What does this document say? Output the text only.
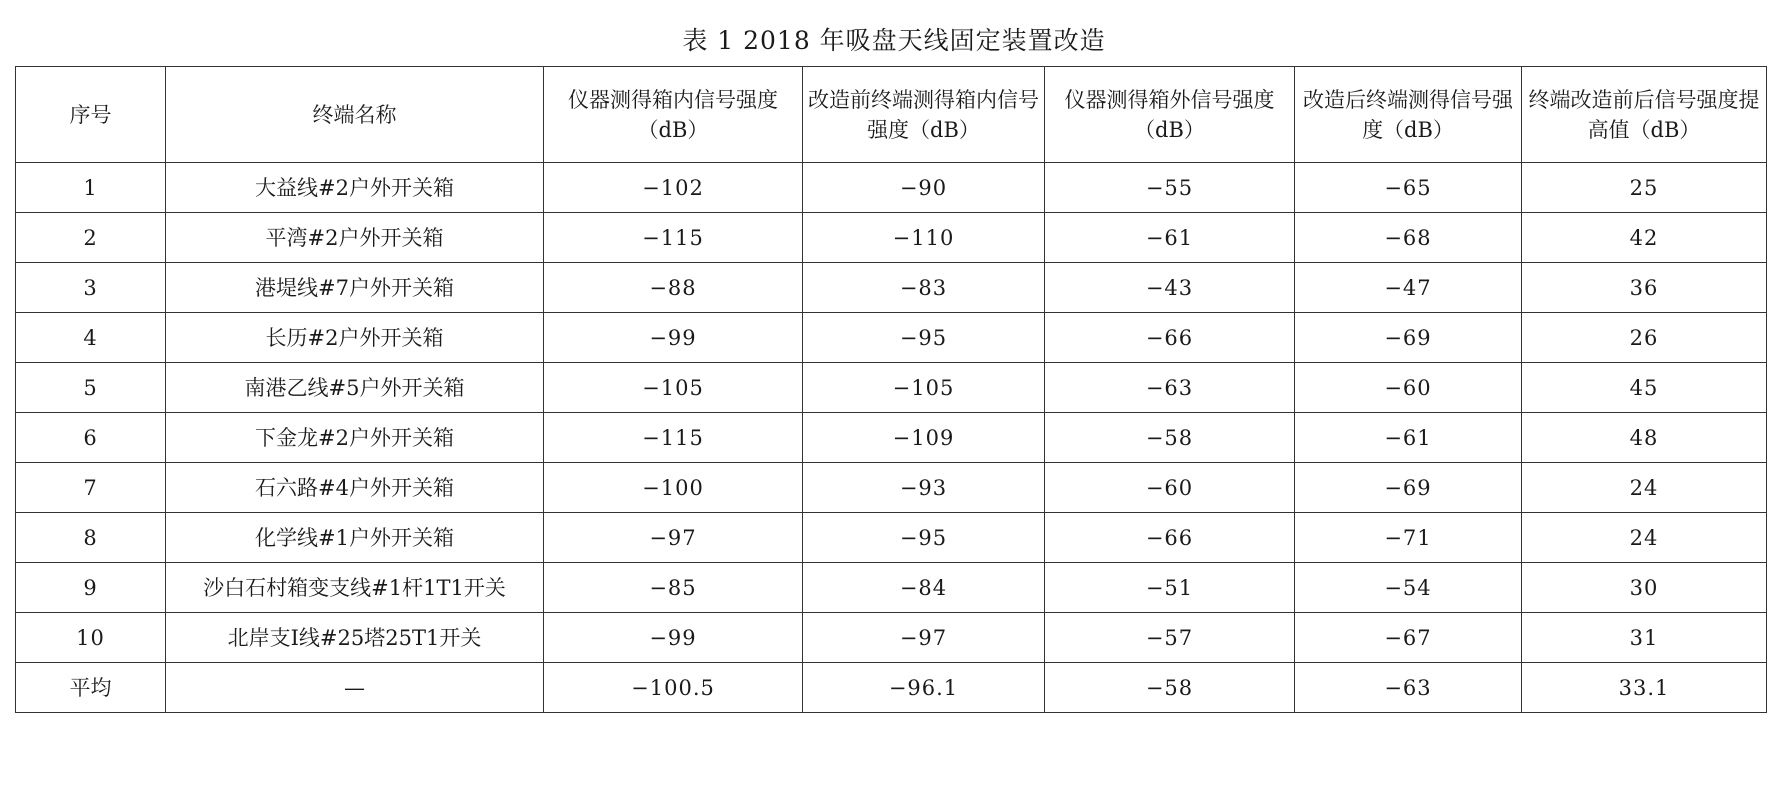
表 1 2018 年吸盘天线固定装置改造
序号	终端名称	仪器测得箱内信号强度（dB）	改造前终端测得箱内信号强度（dB）	仪器测得箱外信号强度（dB）	改造后终端测得信号强度（dB）	终端改造前后信号强度提高值（dB）
1	大益线#2户外开关箱	−102	−90	−55	−65	25
2	平湾#2户外开关箱	−115	−110	−61	−68	42
3	港堤线#7户外开关箱	−88	−83	−43	−47	36
4	长历#2户外开关箱	−99	−95	−66	−69	26
5	南港乙线#5户外开关箱	−105	−105	−63	−60	45
6	下金龙#2户外开关箱	−115	−109	−58	−61	48
7	石六路#4户外开关箱	−100	−93	−60	−69	24
8	化学线#1户外开关箱	−97	−95	−66	−71	24
9	沙白石村箱变支线#1杆1T1开关	−85	−84	−51	−54	30
10	北岸支Ⅰ线#25塔25T1开关	−99	−97	−57	−67	31
平均	—	−100.5	−96.1	−58	−63	33.1
